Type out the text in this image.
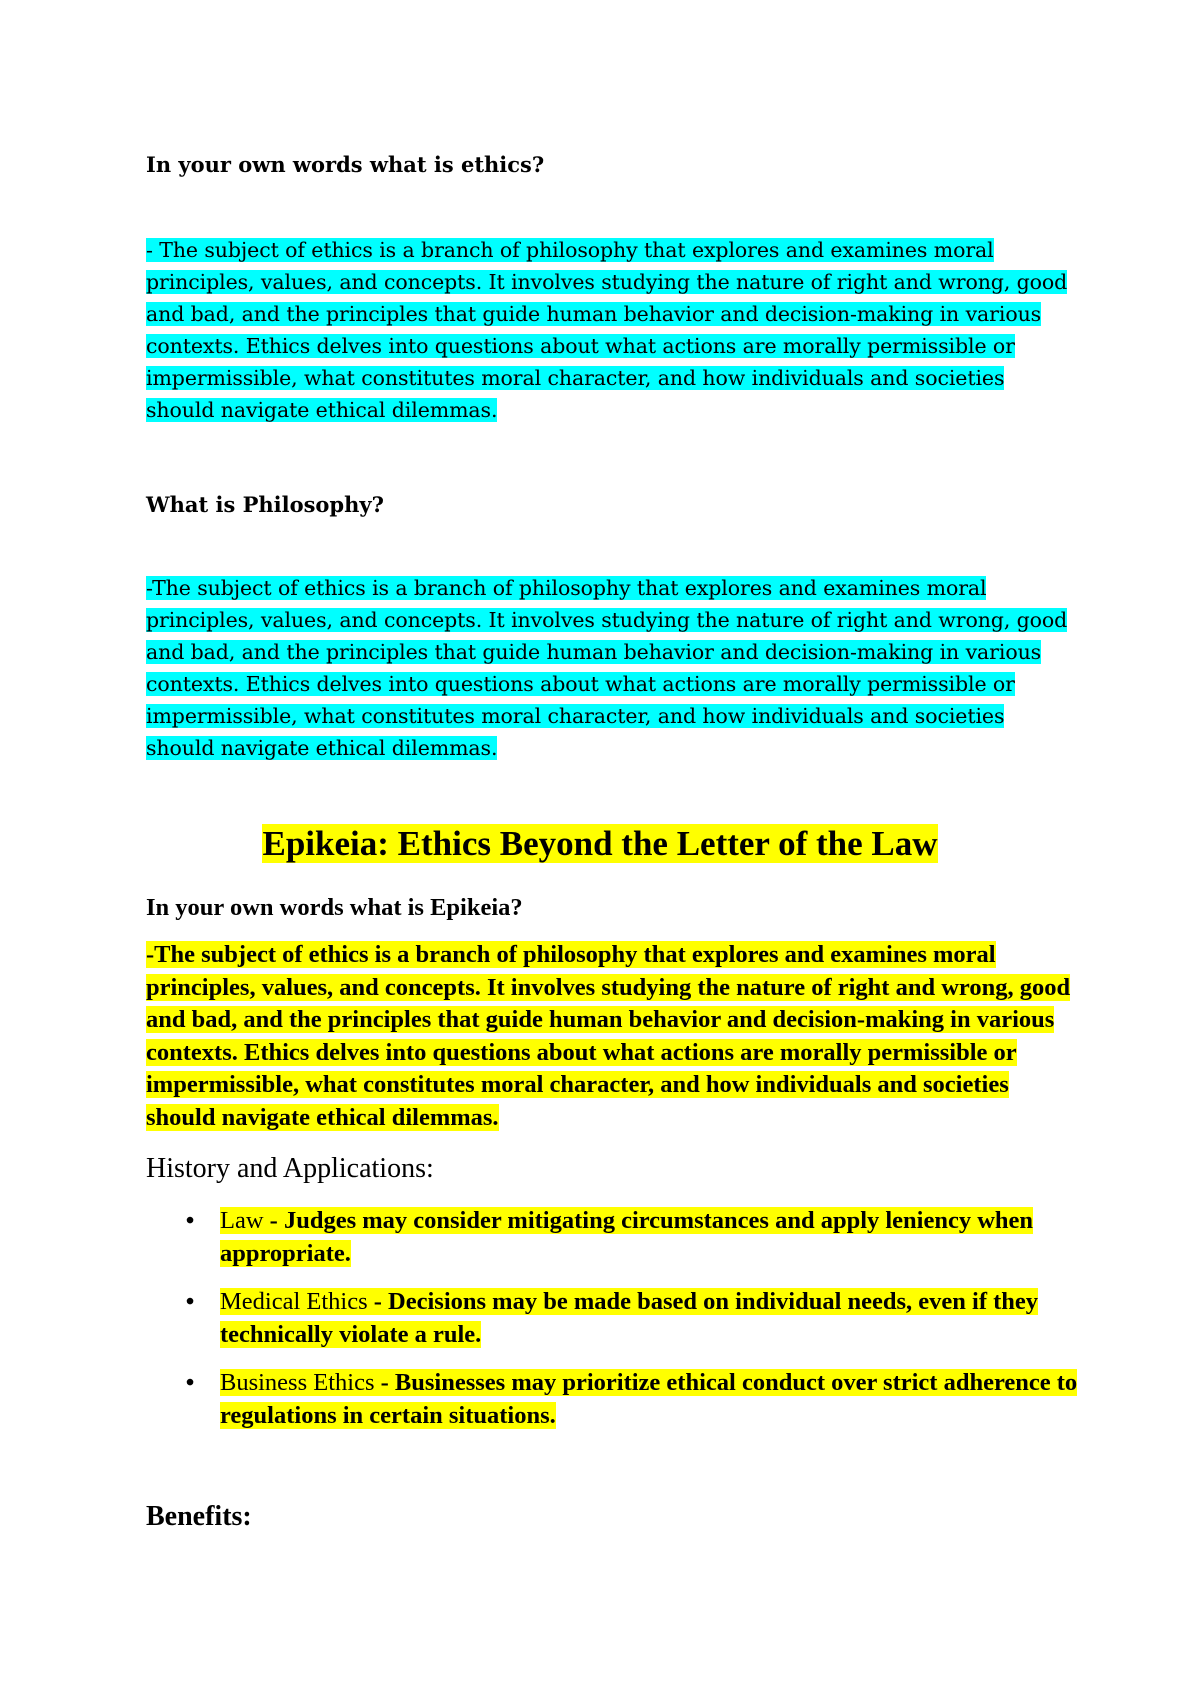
In your own words what is ethics?

- The subject of ethics is a branch of philosophy that explores and examines moral principles, values, and concepts. It involves studying the nature of right and wrong, good and bad, and the principles that guide human behavior and decision-making in various contexts. Ethics delves into questions about what actions are morally permissible or impermissible, what constitutes moral character, and how individuals and societies should navigate ethical dilemmas.

What is Philosophy?

-The subject of ethics is a branch of philosophy that explores and examines moral principles, values, and concepts. It involves studying the nature of right and wrong, good and bad, and the principles that guide human behavior and decision-making in various contexts. Ethics delves into questions about what actions are morally permissible or impermissible, what constitutes moral character, and how individuals and societies should navigate ethical dilemmas.

Epikeia: Ethics Beyond the Letter of the Law

In your own words what is Epikeia?

-The subject of ethics is a branch of philosophy that explores and examines moral principles, values, and concepts. It involves studying the nature of right and wrong, good and bad, and the principles that guide human behavior and decision-making in various contexts. Ethics delves into questions about what actions are morally permissible or impermissible, what constitutes moral character, and how individuals and societies should navigate ethical dilemmas.

History and Applications:

• Law - Judges may consider mitigating circumstances and apply leniency when appropriate.
• Medical Ethics - Decisions may be made based on individual needs, even if they technically violate a rule.
• Business Ethics - Businesses may prioritize ethical conduct over strict adherence to regulations in certain situations.

Benefits:
